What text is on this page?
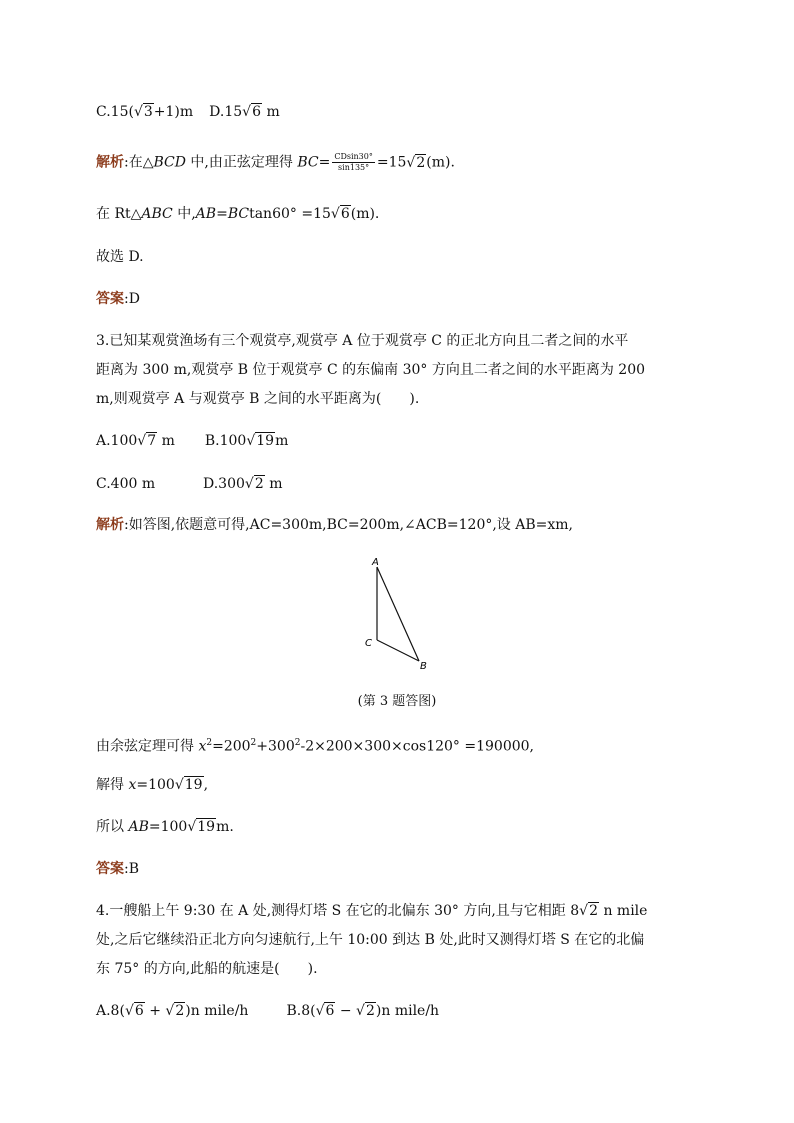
C.15(√3+1)m D.15√6 m
解析:在△BCD 中,由正弦定理得 $BC= \frac{CDsin30^\circ}{\sin 135^\circ} =15√2(m)$.
在 Rt△ABC 中,AB=BCtan60° =15√6(m).
故选 D.
答案:D
3.已知某观赏渔场有三个观赏亭,观赏亭 A 位于观赏亭 C 的正北方向且二者之间的水平
距离为 300 m,观赏亭 B 位于观赏亭 C 的东偏南 30° 方向且二者之间的水平距离为 200
m,则观赏亭 A 与观赏亭 B 之间的水平距离为(　　).
A.100√7 m B.100√19m
C.400 m	D.300√2 m
解析:如答图,依题意可得,AC=300m,BC=200m,∠ACB=120°,设 AB=xm,
A
C
B
(第 3 题答图)
由余弦定理可得 $x^2=200^2+300^2-2\times 200\times 300\times\cos 120^\circ =190000$,
解得 x=100√19,
所以 AB=100√19m.
答案:B
4.一艘船上午 9:30 在 A 处,测得灯塔 S 在它的北偏东 30° 方向,且与它相距 8√2 n mile
处,之后它继续沿正北方向匀速航行,上午 10:00 到达 B 处,此时又测得灯塔 S 在它的北偏
东 75° 的方向,此船的航速是(　　).
A.8(√6 + √2)n mile/h	B.8(√6 − √2)n mile/h
